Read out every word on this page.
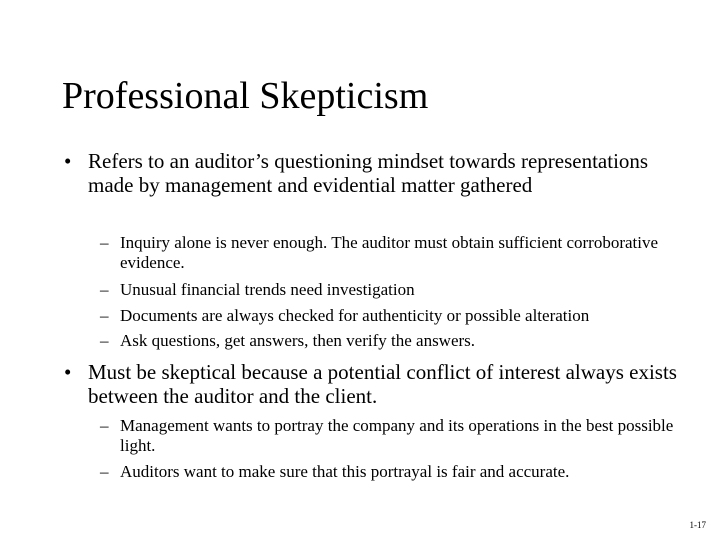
Professional Skepticism
• Refers to an auditor’s questioning mindset towards representations made by management and evidential matter gathered
– Inquiry alone is never enough. The auditor must obtain sufficient corroborative evidence.
– Unusual financial trends need investigation
– Documents are always checked for authenticity or possible alteration
– Ask questions, get answers, then verify the answers.
• Must be skeptical because a potential conflict of interest always exists between the auditor and the client.
– Management wants to portray the company and its operations in the best possible light.
– Auditors want to make sure that this portrayal is fair and accurate.
1-17
